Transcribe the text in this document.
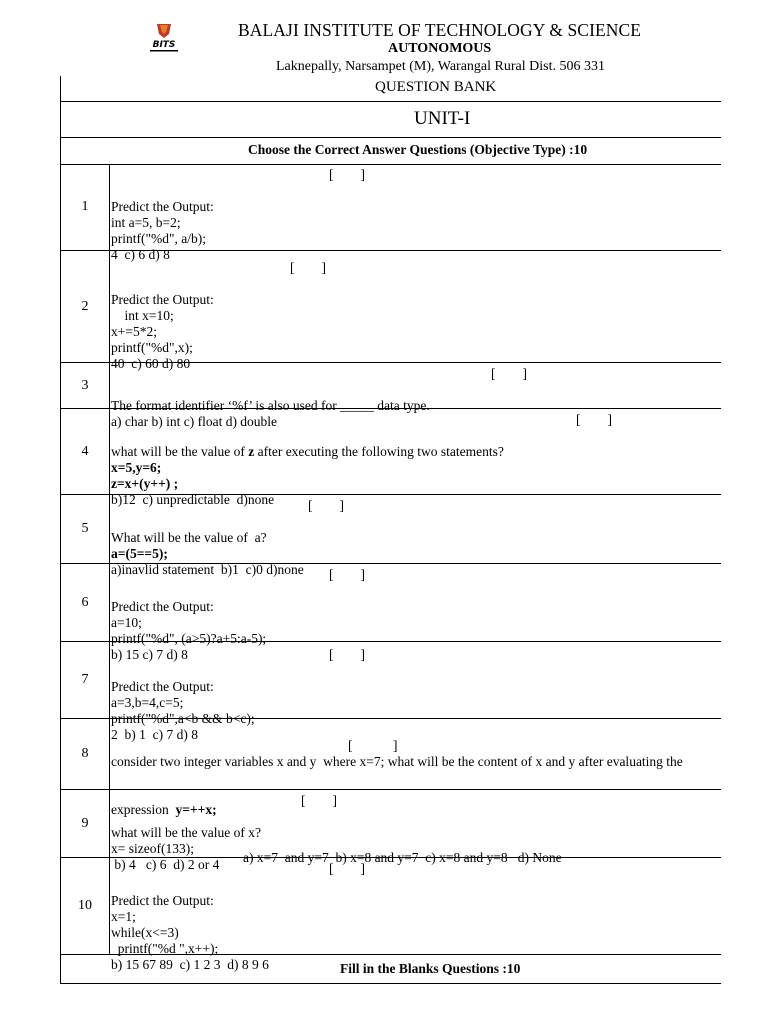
BITS
BALAJI INSTITUTE OF TECHNOLOGY & SCIENCE
AUTONOMOUS
Laknepally, Narsampet (M), Warangal Rural Dist. 506 331
QUESTION BANK
UNIT-I
Choose the Correct Answer Questions (Objective Type) :10
1

	Predict the Output:
int a=5, b=2;
printf("%d", a/b);
4  c) 6 d) 8

[        ]
2

	Predict the Output:
int x=10;
x+=5*2;
printf("%d",x);
40  c) 60 d) 80

[        ]
3

The format identifier ‘%f’ is also used for _____ data type.
a) char b) int c) float d) double

[        ]
4

	what will be the value of z after executing the following two statements?
x=5,y=6;
z=x+(y++) ;
b)12  c) unpredictable  d)none

[        ]
5

What will be the value of  a?
a=(5==5);
a)inavlid statement  b)1  c)0 d)none

[        ]
6

	Predict the Output:
a=10;
printf("%d", (a>5)?a+5:a-5);
b) 15 c) 7 d) 8

[        ]
7

	Predict the Output:
a=3,b=4,c=5;
printf("%d",a<b && b<c);
2  b) 1  c) 7 d) 8

[        ]
8

consider two integer variables x and y  where x=7; what will be the content of x and y after evaluating the

expression  y=++x;

a) x=7  and y=7  b) x=8 and y=7  c) x=8 and y=8   d) None

[            ]
9

what will be the value of x?
x= sizeof(133);
b) 4   c) 6  d) 2 or 4

[        ]
10

	Predict the Output:
x=1;
while(x<=3)
printf("%d ",x++);
b) 15 67 89  c) 1 2 3  d) 8 9 6

[        ]
Fill in the Blanks Questions :10
